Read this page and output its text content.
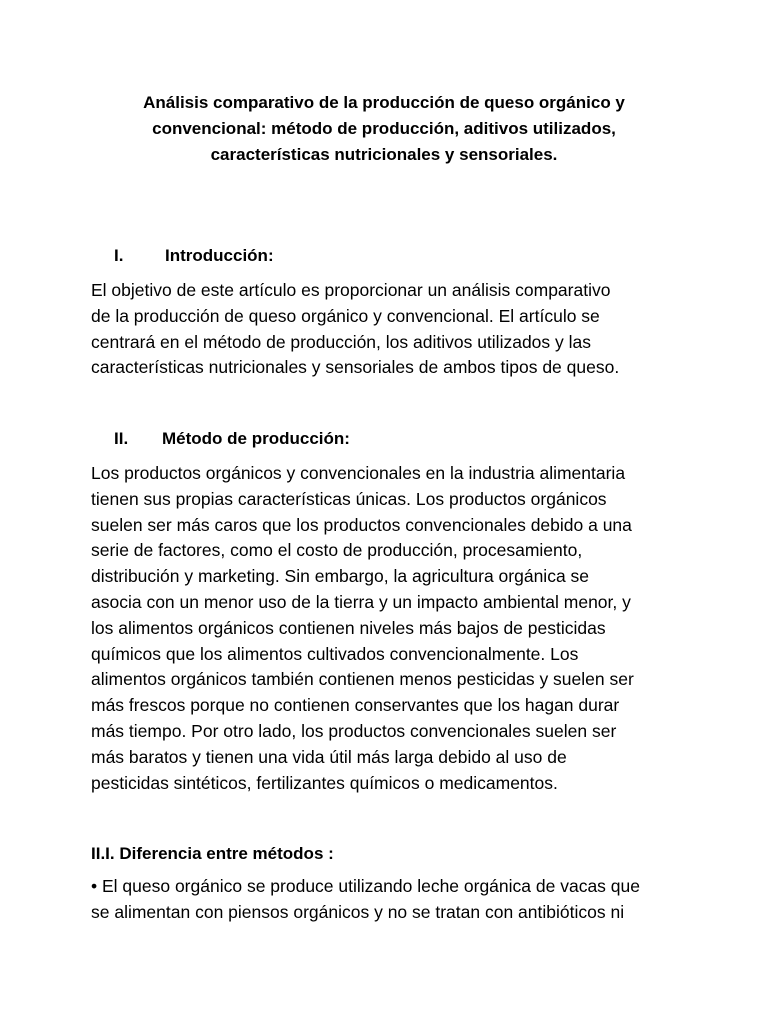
Análisis comparativo de la producción de queso orgánico y
convencional: método de producción, aditivos utilizados,
características nutricionales y sensoriales.
I. Introducción:

El objetivo de este artículo es proporcionar un análisis comparativo
de la producción de queso orgánico y convencional. El artículo se
centrará en el método de producción, los aditivos utilizados y las
características nutricionales y sensoriales de ambos tipos de queso.

II. Método de producción:

Los productos orgánicos y convencionales en la industria alimentaria
tienen sus propias características únicas. Los productos orgánicos
suelen ser más caros que los productos convencionales debido a una
serie de factores, como el costo de producción, procesamiento,
distribución y marketing. Sin embargo, la agricultura orgánica se
asocia con un menor uso de la tierra y un impacto ambiental menor, y
los alimentos orgánicos contienen niveles más bajos de pesticidas
químicos que los alimentos cultivados convencionalmente. Los
alimentos orgánicos también contienen menos pesticidas y suelen ser
más frescos porque no contienen conservantes que los hagan durar
más tiempo. Por otro lado, los productos convencionales suelen ser
más baratos y tienen una vida útil más larga debido al uso de
pesticidas sintéticos, fertilizantes químicos o medicamentos.

II.I. Diferencia entre métodos :

• El queso orgánico se produce utilizando leche orgánica de vacas que
se alimentan con piensos orgánicos y no se tratan con antibióticos ni
